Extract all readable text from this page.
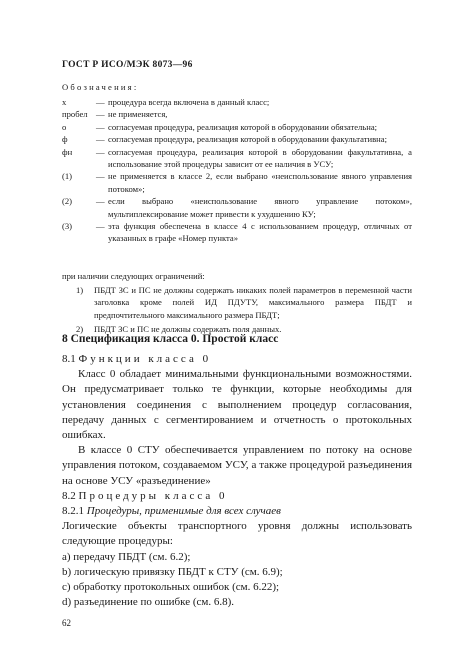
ГОСТ Р ИСО/МЭК 8073—96
Обозначения:
x	— процедура всегда включена в данный класс;
пробел — не применяется,
о	— согласуемая процедура, реализация которой в оборудовании обязательна;
ф	— согласуемая процедура, реализация которой в оборудовании факультативна;
фн	— согласуемая процедура, реализация которой в оборудовании факультативна, а использование этой процедуры зависит от ее наличия в УСУ;
(1)	— не применяется в классе 2, если выбрано «неиспользование явного управления потоком»;
(2)	— если выбрано «неиспользование явного управление потоком», мультиплексирование может привести к ухудшению КУ;
(3)	— эта функция обеспечена в классе 4 с использованием процедур, отличных от указанных в графе «Номер пункта»
при наличии следующих ограничений:
1)	ПБДТ ЗС и ПС не должны содержать никаких полей параметров в переменной части заголовка кроме полей ИД ПДУТУ, максимального размера ПБДТ и предпочтительного максимального размера ПБДТ;
2)	ПБДТ ЗС и ПС не должны содержать поля данных.
8 Спецификация класса 0. Простой класс

8.1 Функции класса 0

Класс 0 обладает минимальными функциональными возможностями. Он предусматривает только те функции, которые необходимы для установления соединения с выполнением процедур согласования, передачу данных с сегментированием и отчетность о протокольных ошибках.

В классе 0 СТУ обеспечивается управлением по потоку на основе управления потоком, создаваемом УСУ, а также процедурой разъединения на основе УСУ «разъединение»

8.2 Процедуры класса 0

8.2.1 Процедуры, применимые для всех случаев

Логические объекты транспортного уровня должны использовать следующие процедуры:

а) передачу ПБДТ (см. 6.2);

b) логическую привязку ПБДТ к СТУ (см. 6.9);

с) обработку протокольных ошибок (см. 6.22);

d) разъединение по ошибке (см. 6.8).

62
